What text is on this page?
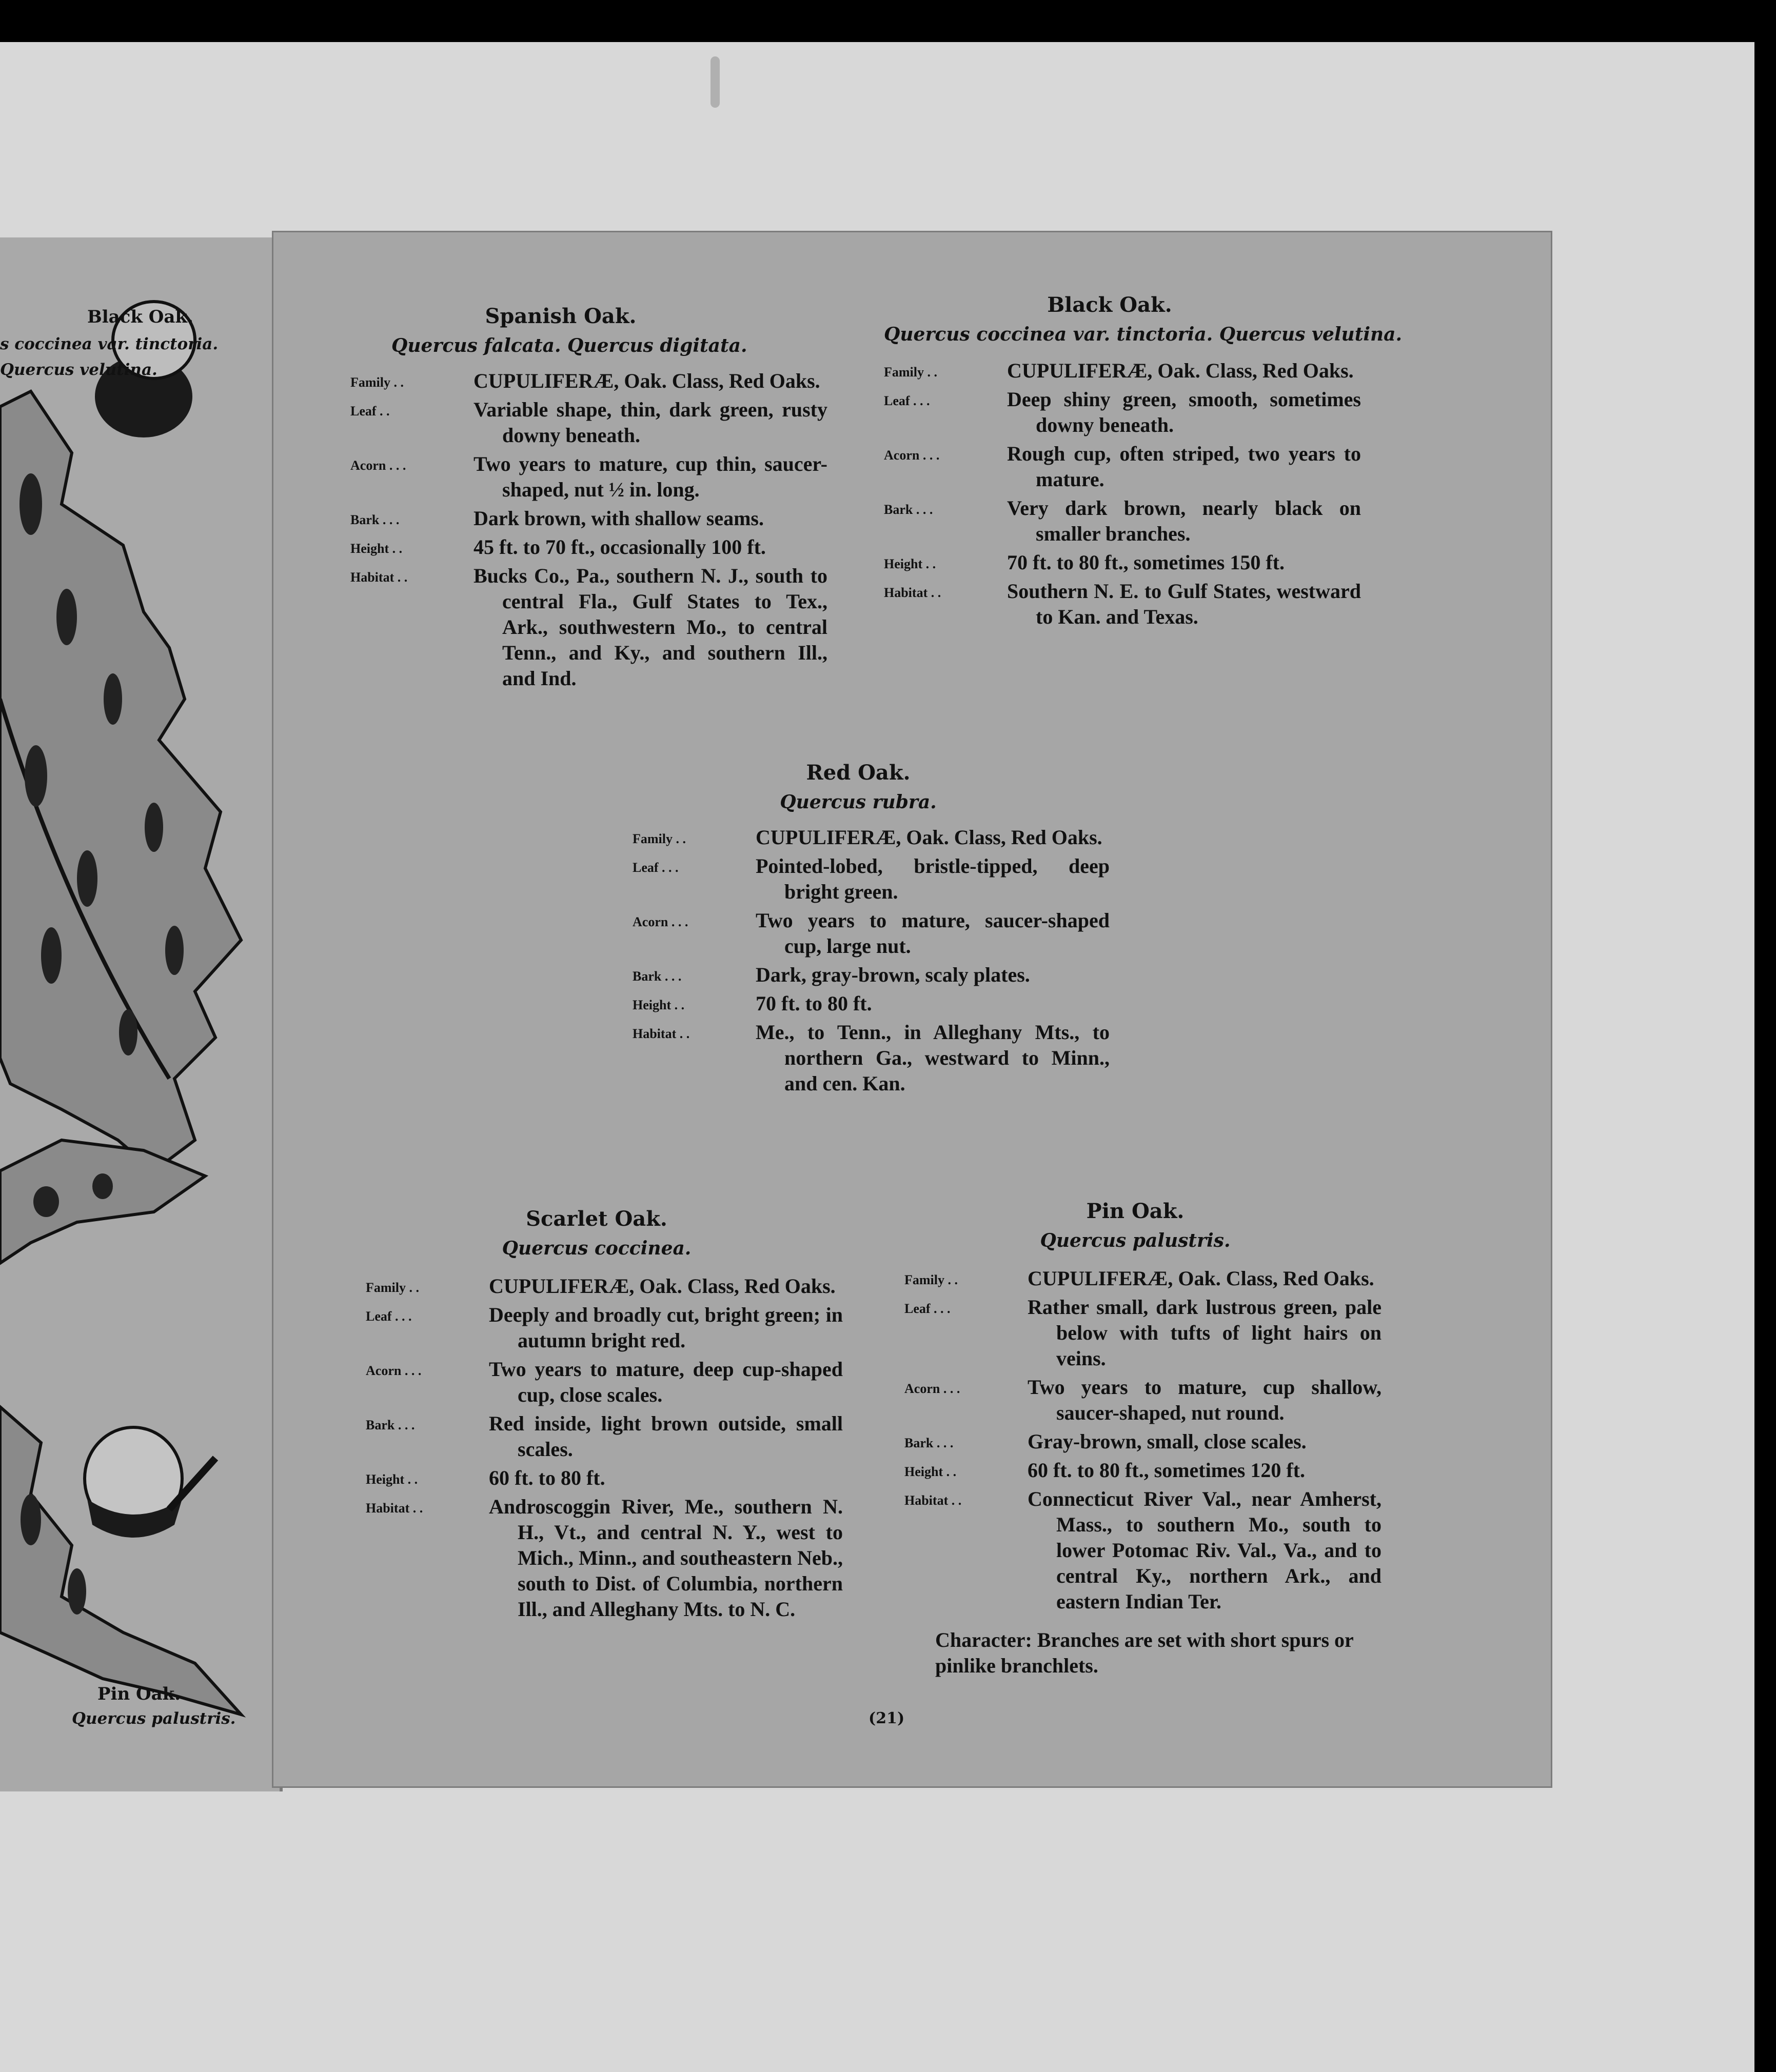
Black Oak.
s coccinea var. tinctoria.
Quercus velutina.
Pin Oak.
Quercus palustris.
Spanish Oak.
Quercus falcata. Quercus digitata.
Family . .	CUPULIFERÆ, Oak. Class, Red Oaks.
Leaf . .	Variable shape, thin, dark green, rusty downy beneath.
Acorn . . .	Two years to mature, cup thin, saucer-shaped, nut ½ in. long.
Bark . . .	Dark brown, with shallow seams.
Height . .	45 ft. to 70 ft., occasionally 100 ft.
Habitat . .	Bucks Co., Pa., southern N. J., south to central Fla., Gulf States to Tex., Ark., southwestern Mo., to central Tenn., and Ky., and southern Ill., and Ind.
Black Oak.
Quercus coccinea var. tinctoria. Quercus velutina.
Family . .	CUPULIFERÆ, Oak. Class, Red Oaks.
Leaf . . .	Deep shiny green, smooth, sometimes downy beneath.
Acorn . . .	Rough cup, often striped, two years to mature.
Bark . . .	Very dark brown, nearly black on smaller branches.
Height . .	70 ft. to 80 ft., sometimes 150 ft.
Habitat . .	Southern N. E. to Gulf States, westward to Kan. and Texas.
Red Oak.
Quercus rubra.
Family . .	CUPULIFERÆ, Oak. Class, Red Oaks.
Leaf . . .	Pointed-lobed, bristle-tipped, deep bright green.
Acorn . . .	Two years to mature, saucer-shaped cup, large nut.
Bark . . .	Dark, gray-brown, scaly plates.
Height . .	70 ft. to 80 ft.
Habitat . .	Me., to Tenn., in Alleghany Mts., to northern Ga., westward to Minn., and cen. Kan.
Scarlet Oak.
Quercus coccinea.
Family . .	CUPULIFERÆ, Oak. Class, Red Oaks.
Leaf . . .	Deeply and broadly cut, bright green; in autumn bright red.
Acorn . . .	Two years to mature, deep cup-shaped cup, close scales.
Bark . . .	Red inside, light brown outside, small scales.
Height . .	60 ft. to 80 ft.
Habitat . .	Androscoggin River, Me., southern N. H., Vt., and central N. Y., west to Mich., Minn., and southeastern Neb., south to Dist. of Columbia, northern Ill., and Alleghany Mts. to N. C.
Pin Oak.
Quercus palustris.
Family . .	CUPULIFERÆ, Oak. Class, Red Oaks.
Leaf . . .	Rather small, dark lustrous green, pale below with tufts of light hairs on veins.
Acorn . . .	Two years to mature, cup shallow, saucer-shaped, nut round.
Bark . . .	Gray-brown, small, close scales.
Height . .	60 ft. to 80 ft., sometimes 120 ft.
Habitat . .	Connecticut River Val., near Amherst, Mass., to southern Mo., south to lower Potomac Riv. Val., Va., and to central Ky., northern Ark., and eastern Indian Ter.
Character: Branches are set with short spurs or pinlike branchlets.
(21)
